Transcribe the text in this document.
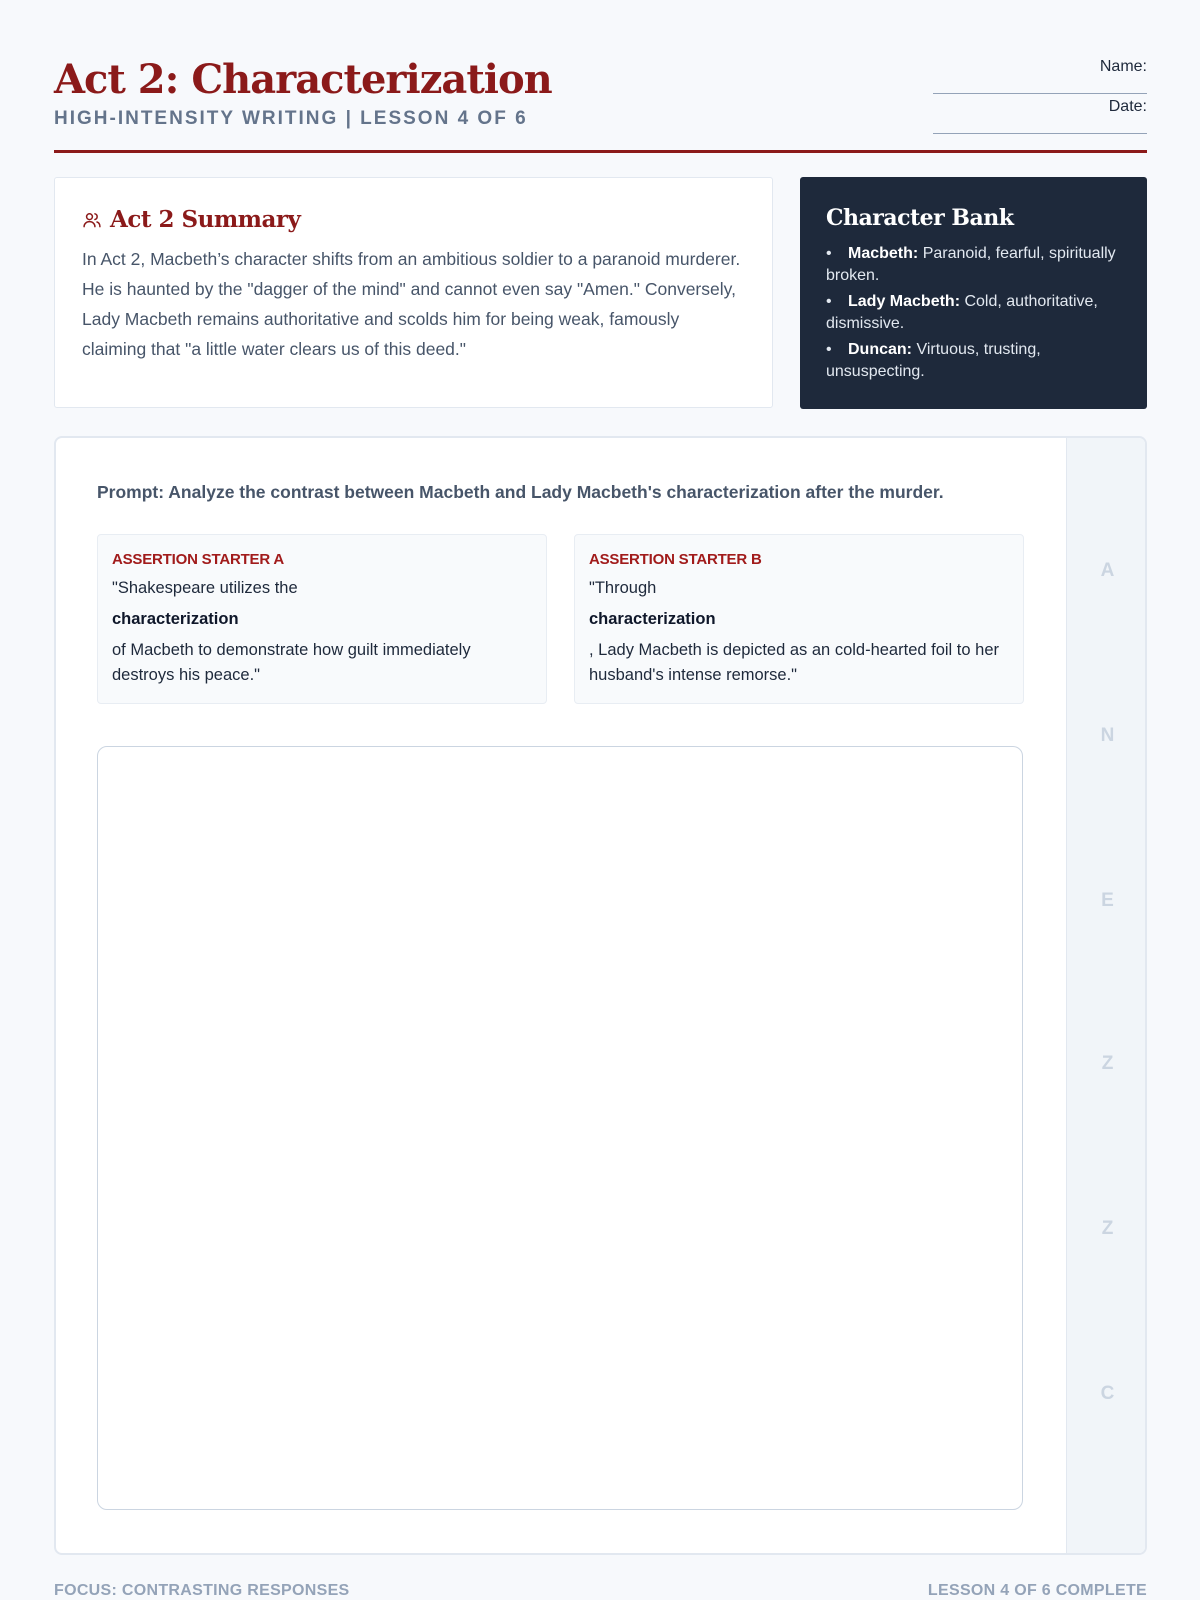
Act 2: Characterization
HIGH-INTENSITY WRITING | LESSON 4 OF 6
Name:
Date:
Act 2 Summary

In Act 2, Macbeth’s character shifts from an ambitious soldier to a paranoid murderer. He is haunted by the "dagger of the mind" and cannot even say "Amen." Conversely, Lady Macbeth remains authoritative and scolds him for being weak, famously claiming that "a little water clears us of this deed."

Character Bank
• Macbeth: Paranoid, fearful, spiritually broken.
• Lady Macbeth: Cold, authoritative, dismissive.
• Duncan: Virtuous, trusting, unsuspecting.

Prompt: Analyze the contrast between Macbeth and Lady Macbeth's characterization after the murder.

ASSERTION STARTER A
"Shakespeare utilizes the
characterization
of Macbeth to demonstrate how guilt immediately destroys his peace."
ASSERTION STARTER B
"Through
characterization
, Lady Macbeth is depicted as an cold-hearted foil to her husband's intense remorse."
A
N
E
Z
Z
C
FOCUS: CONTRASTING RESPONSES	LESSON 4 OF 6 COMPLETE
